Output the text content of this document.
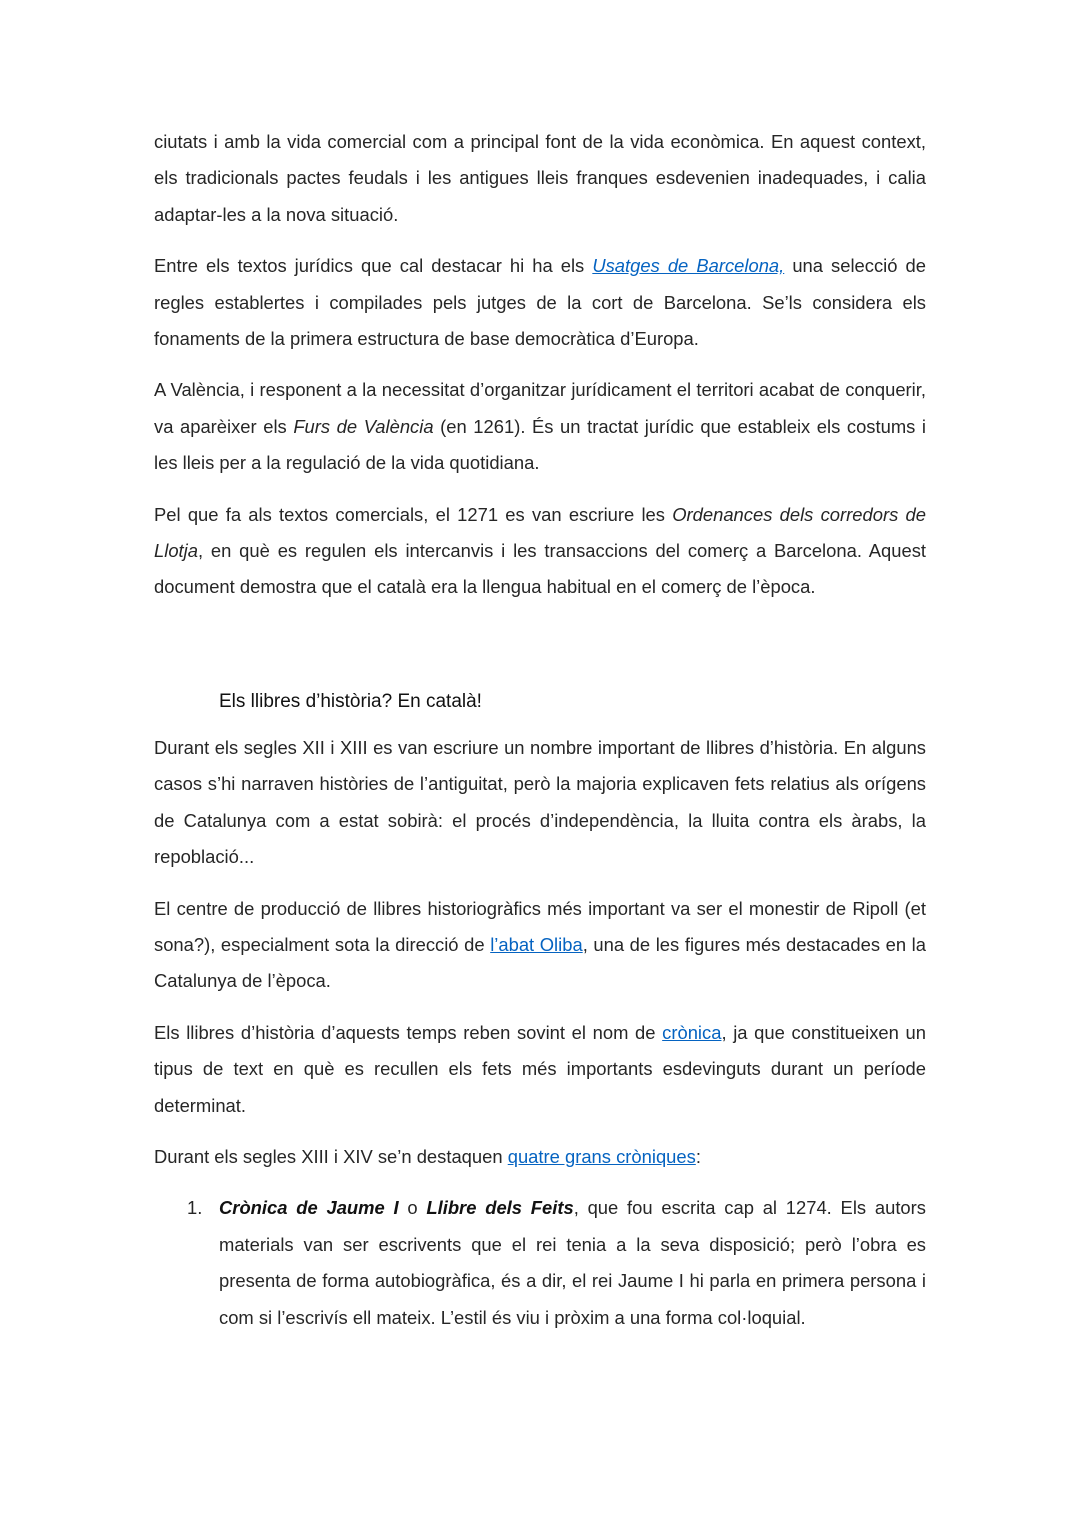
ciutats i amb la vida comercial com a principal font de la vida econòmica. En aquest context, els tradicionals pactes feudals i les antigues lleis franques esdevenien inadequades, i calia adaptar-les a la nova situació.

Entre els textos jurídics que cal destacar hi ha els Usatges de Barcelona, una selecció de regles establertes i compilades pels jutges de la cort de Barcelona. Se’ls considera els fonaments de la primera estructura de base democràtica d’Europa.

A València, i responent a la necessitat d’organitzar jurídicament el territori acabat de conquerir, va aparèixer els Furs de València (en 1261). És un tractat jurídic que estableix els costums i les lleis per a la regulació de la vida quotidiana.

Pel que fa als textos comercials, el 1271 es van escriure les Ordenances dels corredors de Llotja, en què es regulen els intercanvis i les transaccions del comerç a Barcelona. Aquest document demostra que el català era la llengua habitual en el comerç de l’època.

Els llibres d’història? En català!

Durant els segles XII i XIII es van escriure un nombre important de llibres d’història. En alguns casos s’hi narraven històries de l’antiguitat, però la majoria explicaven fets relatius als orígens de Catalunya com a estat sobirà: el procés d’independència, la lluita contra els àrabs, la repoblació...

El centre de producció de llibres historiogràfics més important va ser el monestir de Ripoll (et sona?), especialment sota la direcció de l’abat Oliba, una de les figures més destacades en la Catalunya de l’època.

Els llibres d’història d’aquests temps reben sovint el nom de crònica, ja que constitueixen un tipus de text en què es recullen els fets més importants esdevinguts durant un període determinat.

Durant els segles XIII i XIV se’n destaquen quatre grans cròniques:

1. Crònica de Jaume I o Llibre dels Feits, que fou escrita cap al 1274. Els autors materials van ser escrivents que el rei tenia a la seva disposició; però l’obra es presenta de forma autobiogràfica, és a dir, el rei Jaume I hi parla en primera persona i com si l’escrivís ell mateix. L’estil és viu i pròxim a una forma col·loquial.
